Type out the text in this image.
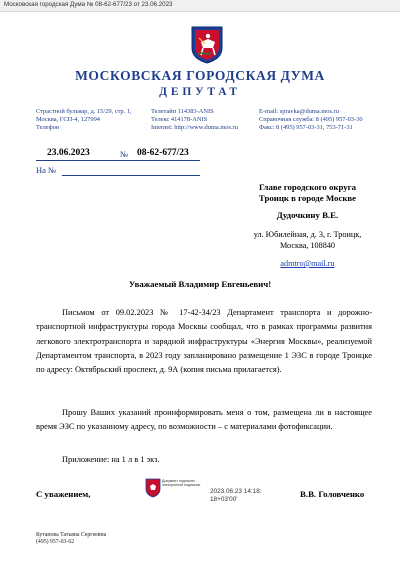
Московская городская Дума № 08-62-677/23 от 23.06.2023
МОСКОВСКАЯ ГОРОДСКАЯ ДУМА
ДЕПУТАТ
Страстной бульвар, д. 15/29, стр. 1,
Москва, ГСП-4, 127994
Телефон
Телетайп 114383-ANIS
Телекс 414178-ANIS
Internet: http://www.duma.mos.ru
E-mail: spravka@duma.mos.ru
Справочная служба: 8 (495) 957-03-30
Факс: 8 (495) 957-03-31, 753-71-31
23.06.2023	№ 08-62-677/23
На №
Главе городского округа
Троицк в городе Москве
Дудочкину В.Е.
ул. Юбилейная, д. 3, г. Троицк,
Москва, 108840
admtro@mail.ru
Уважаемый Владимир Евгеньевич!
Письмом от 09.02.2023 № 17-42-34/23 Департамент транспорта и дорожно-транспортной инфраструктуры города Москвы сообщал, что в рамках программы развития легкового электротранспорта и зарядной инфраструктуры «Энергия Москвы», реализуемой Департаментом транспорта, в 2023 году запланировано размещение 1 ЭЗС в городе Троицке по адресу: Октябрьский проспект, д. 9А (копия письма прилагается).
Прошу Ваших указаний проинформировать меня о том, размещена ли в настоящее время ЭЗС по указанному адресу, по возможности – с материалами фотофиксации.
Приложение: на 1 л в 1 экз.
С уважением,
Документ подписан
электронной подписью
2023.06.23 14:18:
18+03'00'
В.В. Головченко
Кутапова Татьяна Сергеевна
(495) 957-03-62
